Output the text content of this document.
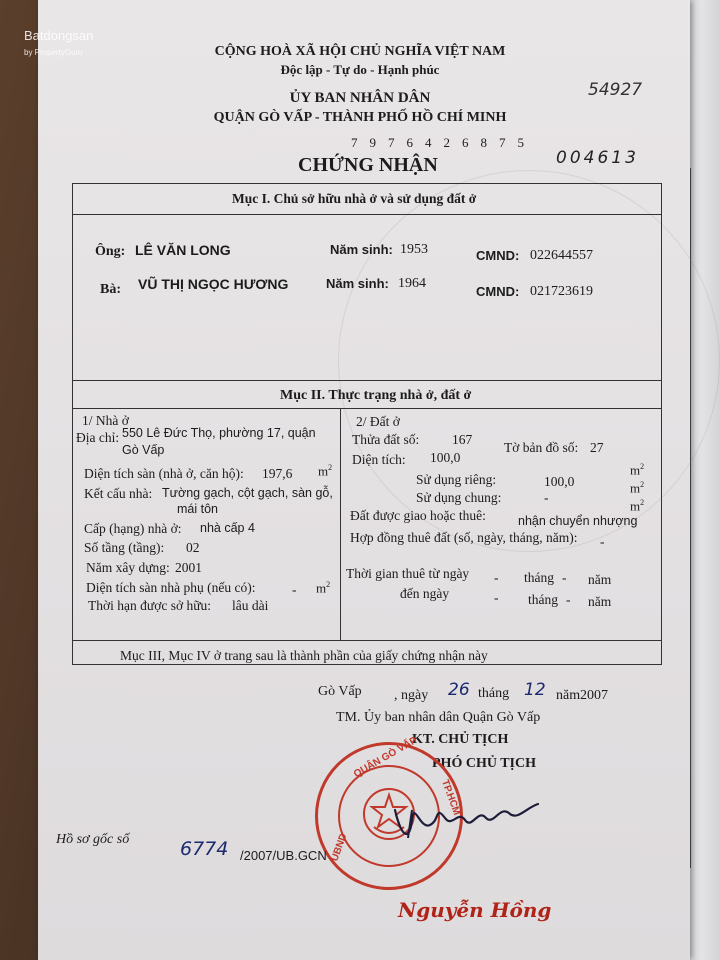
Batdongsan
by PropertyGuru	CỘNG HOÀ XÃ HỘI CHỦ NGHĨA VIỆT NAM
Độc lập - Tự do - Hạnh phúc
54927
ỦY BAN NHÂN DÂN
QUẬN GÒ VẤP - THÀNH PHỐ HỒ CHÍ MINH
7 9 7 6 4 2 6 8 7 5
004613
CHỨNG NHẬN
Mục I. Chủ sở hữu nhà ở và sử dụng đất ở
Ông: LÊ VĂN LONG	Năm sinh: 1953	CMND: 022644557
Bà: VŨ THỊ NGỌC HƯƠNG	Năm sinh: 1964
CMND: 021723619
Mục II. Thực trạng nhà ở, đất ở
1/ Nhà ở
Địa chỉ: 550 Lê Đức Thọ, phường 17, quận
Gò Vấp
Diện tích sàn (nhà ở, căn hộ): 197,6 $m^2$
Kết cấu nhà: Tường gạch, cột gạch, sàn gỗ,
mái tôn
Cấp (hạng) nhà ở: nhà cấp 4
Số tầng (tầng): 02
Năm xây dựng: 2001
Diện tích sàn nhà phụ (nếu có):	- $m^2$
Thời hạn được sở hữu: lâu dài
2/ Đất ở
Thửa đất số: 167
Tờ bản đồ số: 27
Diện tích: 100,0
Sử dụng riêng:	100,0
$m^2$
Sử dụng chung:	-
$m^2$
$m^2$
Đất được giao hoặc thuê:	nhận chuyển nhượng
Hợp đồng thuê đất (số, ngày, tháng, năm): -
Thời gian thuê từ ngày - tháng - năm
đến ngày	- tháng - năm
Mục III, Mục IV ở trang sau là thành phần của giấy chứng nhận này
Gò Vấp , ngày 26 tháng 12 năm 2007
TM. Ủy ban nhân dân Quận Gò Vấp
KT. CHỦ TỊCH
PHÓ CHỦ TỊCH
QUẬN GÒ VẤP
TP.HCM
UBND
Nguyễn Hồng
Hồ sơ gốc số	6774 /2007/UB.GCN
